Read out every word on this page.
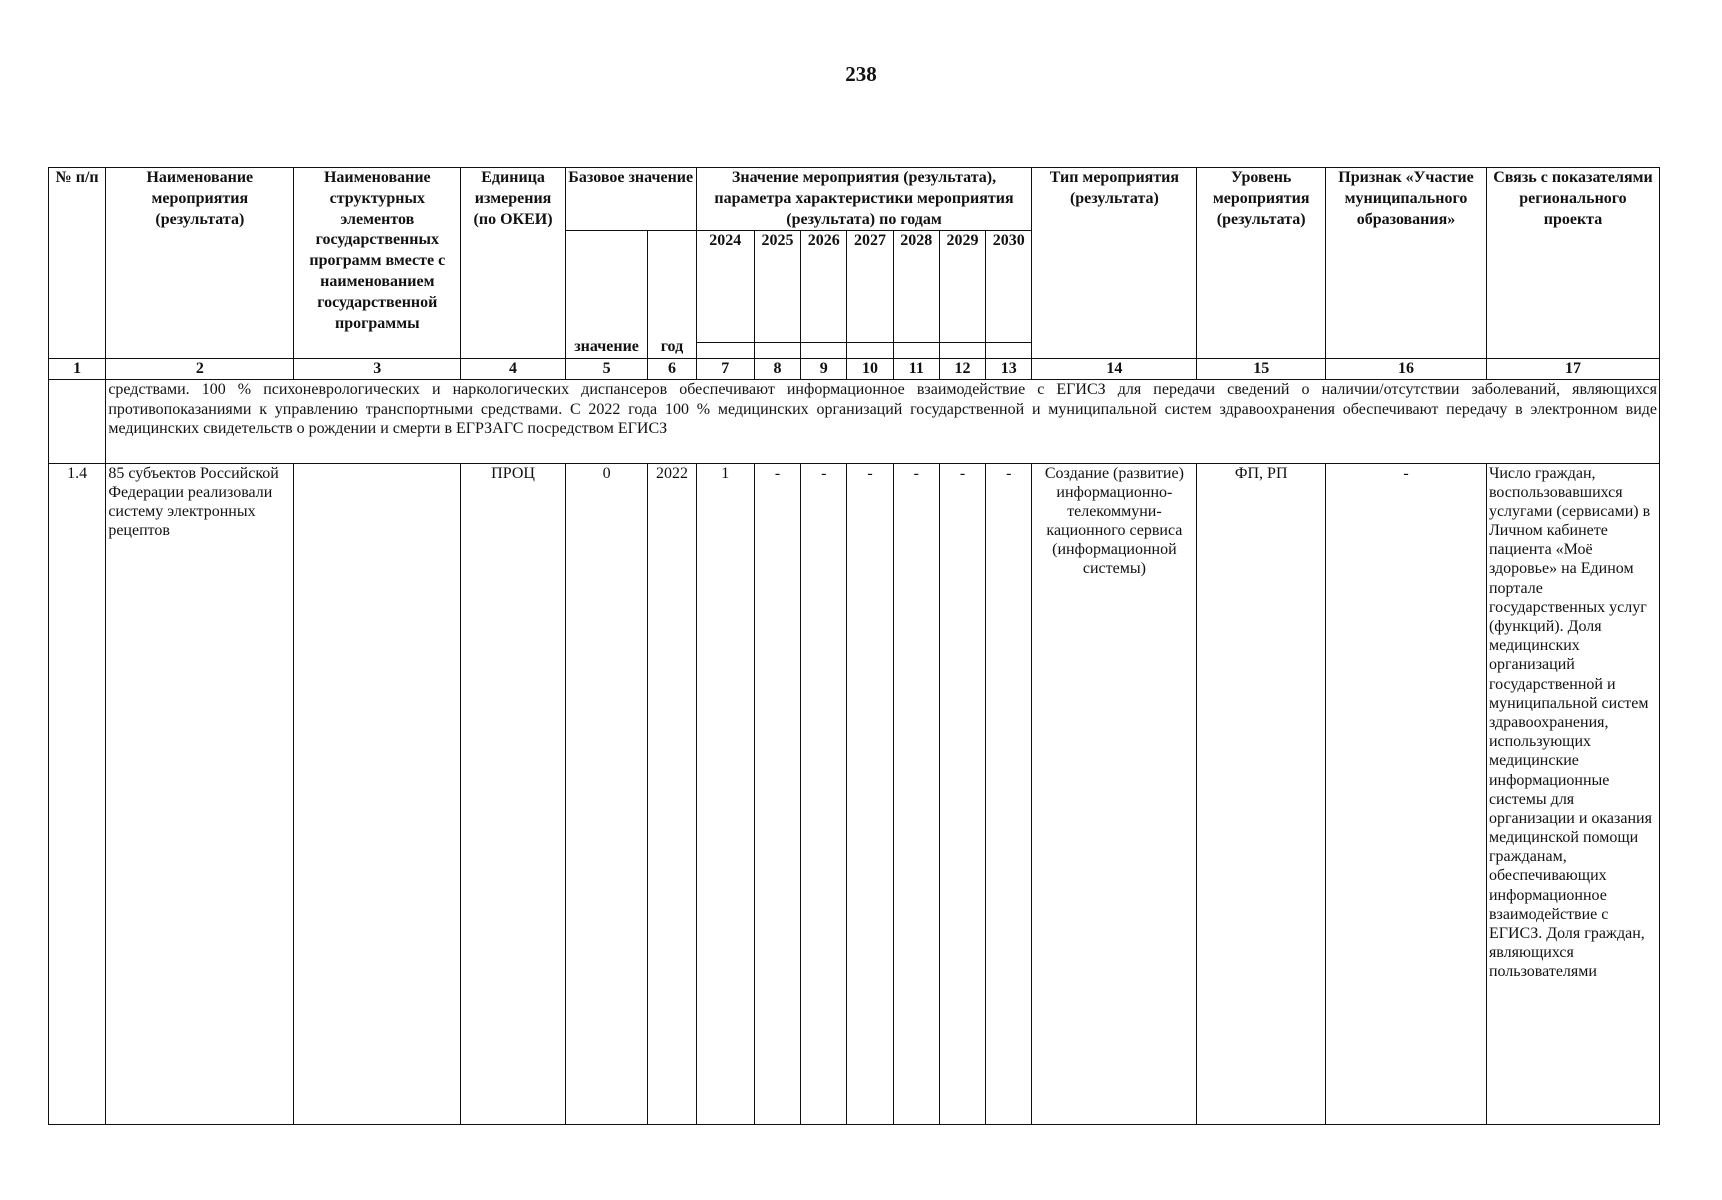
238
№ п/п	Наименование мероприятия (результата)	Наименование структурных элементов государственных программ вместе с наименованием государственной программы	Единица измерения (по ОКЕИ)	Базовое значение		Значение мероприятия (результата), параметра характеристики мероприятия (результата) по годам							Тип мероприятия (результата)	Уровень мероприятия (результата)	Признак «Участие муниципального образования»	Связь с показателями регионального проекта
				значение	год	2024	2025	2026	2027	2028	2029	2030				

1	2	3	4	5	6	7	8	9	10	11	12	13	14	15	16	17
	средствами. 100 % психоневрологических и наркологических диспансеров обеспечивают информационное взаимодействие с ЕГИСЗ для передачи сведений о наличии/отсутствии заболеваний, являющихся противопоказаниями к управлению транспортными средствами. С 2022 года 100 % медицинских организаций государственной и муниципальной систем здравоохранения обеспечивают передачу в электронном виде медицинских свидетельств о рождении и смерти в ЕГРЗАГС посредством ЕГИСЗ															
1.4	85 субъектов Российской Федерации реализовали систему электронных рецептов		ПРОЦ	0	2022	1	-	-	-	-	-	-	Создание (развитие) информационно-телекоммуни-кационного сервиса (информационной системы)	ФП, РП	-	Число граждан, воспользовавшихся услугами (сервисами) в Личном кабинете пациента «Моё здоровье» на Едином портале государственных услуг (функций). Доля медицинских организаций государственной и муниципальной систем здравоохранения, использующих медицинские информационные системы для организации и оказания медицинской помощи гражданам, обеспечивающих информационное взаимодействие с ЕГИСЗ. Доля граждан, являющихся пользователями
